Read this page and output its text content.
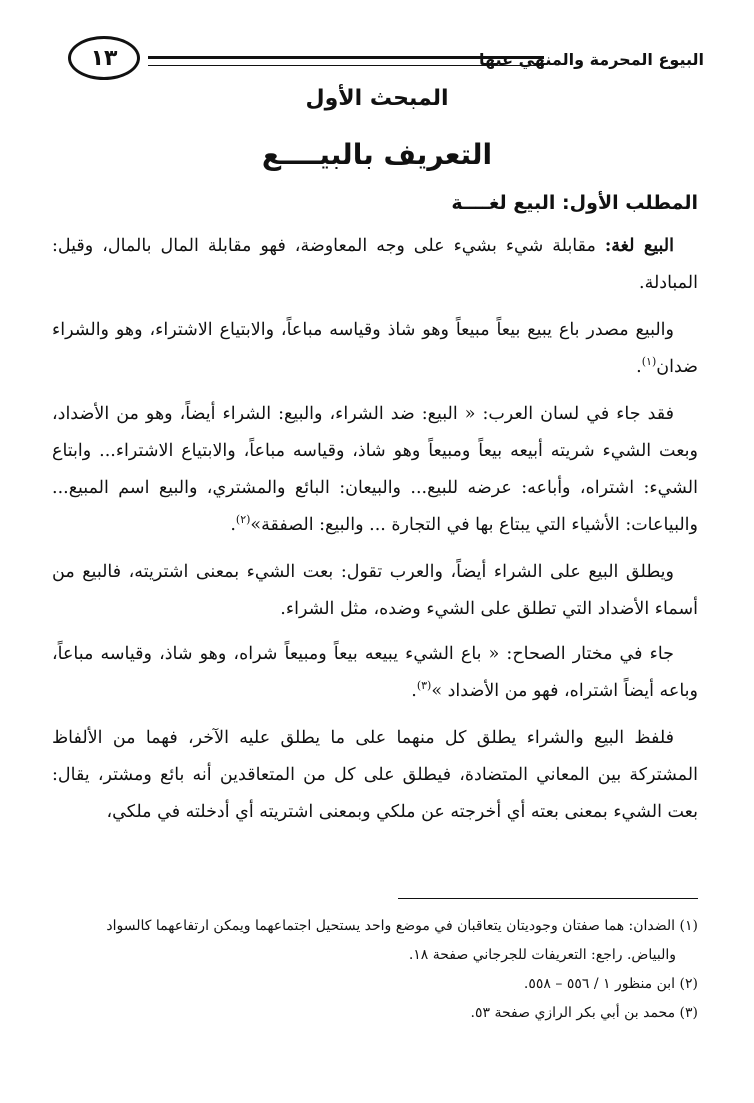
البيوع المحرمة والمنهي عنها
١٣
المبحث الأول
التعريف بالبيــــع
المطلب الأول: البيع لغــــة

البيع لغة: مقابلة شيء بشيء على وجه المعاوضة، فهو مقابلة المال بالمال، وقيل: المبادلة.

والبيع مصدر باع يبيع بيعاً مبيعاً وهو شاذ وقياسه مباعاً، والابتياع الاشتراء، وهو والشراء ضدان$^{(١)}$.

فقد جاء في لسان العرب: « البيع: ضد الشراء، والبيع: الشراء أيضاً، وهو من الأضداد، وبعت الشيء شريته أبيعه بيعاً ومبيعاً وهو شاذ، وقياسه مباعاً، والابتياع الاشتراء... وابتاع الشيء: اشتراه، وأباعه: عرضه للبيع... والبيعان: البائع والمشتري، والبيع اسم المبيع... والبياعات: الأشياء التي يبتاع بها في التجارة ... والبيع: الصفقة»$^{(٢)}$.

ويطلق البيع على الشراء أيضاً، والعرب تقول: بعت الشيء بمعنى اشتريته، فالبيع من أسماء الأضداد التي تطلق على الشيء وضده، مثل الشراء.

جاء في مختار الصحاح: « باع الشيء يبيعه بيعاً ومبيعاً شراه، وهو شاذ، وقياسه مباعاً، وباعه أيضاً اشتراه، فهو من الأضداد »$^{(٣)}$.

فلفظ البيع والشراء يطلق كل منهما على ما يطلق عليه الآخر، فهما من الألفاظ المشتركة بين المعاني المتضادة، فيطلق على كل من المتعاقدين أنه بائع ومشتر، يقال: بعت الشيء بمعنى بعته أي أخرجته عن ملكي وبمعنى اشتريته أي أدخلته في ملكي،

(١) الضدان: هما صفتان وجوديتان يتعاقبان في موضع واحد يستحيل اجتماعهما ويمكن ارتفاعهما كالسواد

والبياض. راجع: التعريفات للجرجاني صفحة ١٨.

(٢) ابن منظور ١ / ٥٥٦ – ٥٥٨.

(٣) محمد بن أبي بكر الرازي صفحة ٥٣.
